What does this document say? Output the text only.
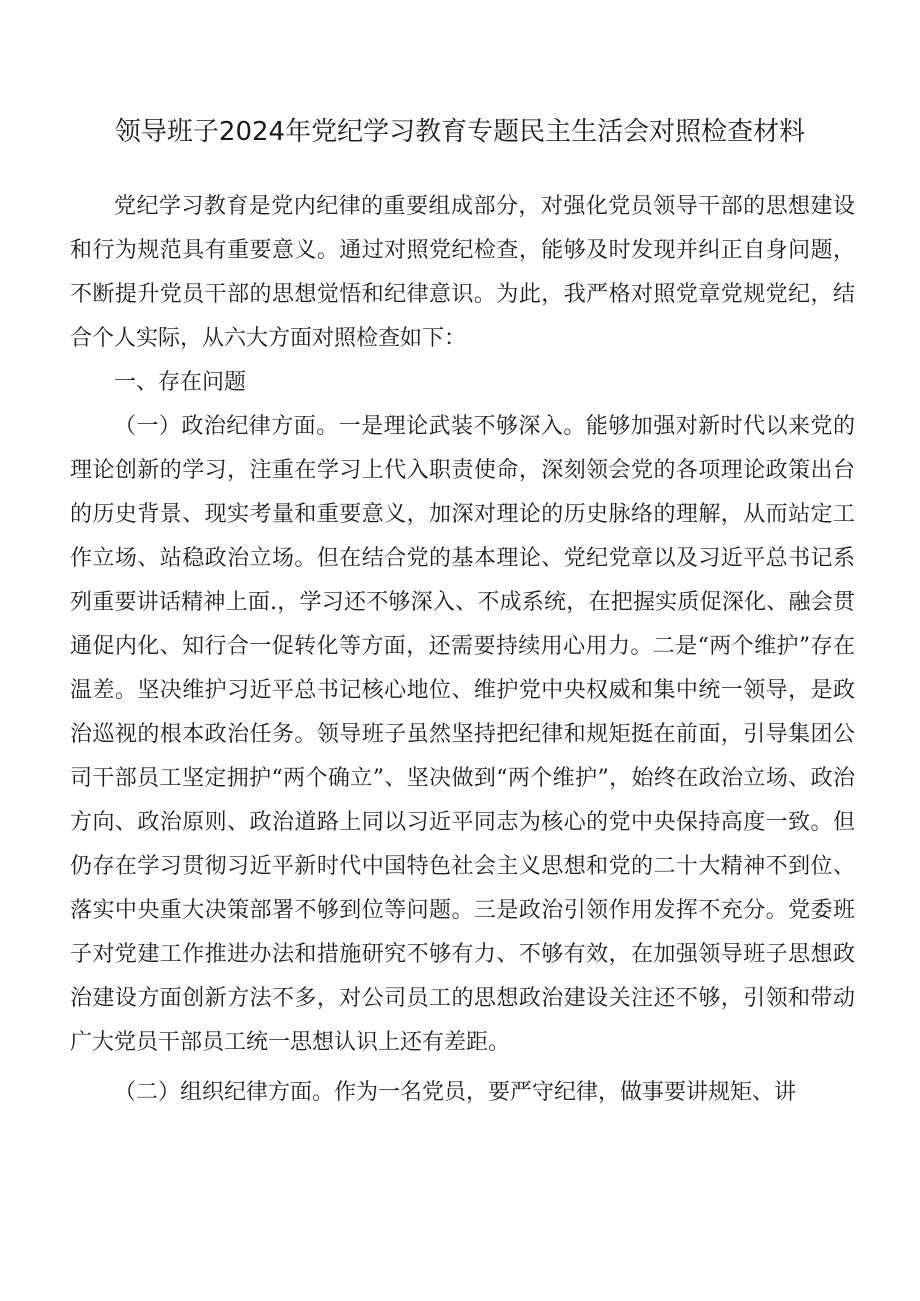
领导班子2024年党纪学习教育专题民主生活会对照检查材料

党纪学习教育是党内纪律的重要组成部分，对强化党员领导干部的思想建设和行为规范具有重要意义。通过对照党纪检查，能够及时发现并纠正自身问题，不断提升党员干部的思想觉悟和纪律意识。为此，我严格对照党章党规党纪，结合个人实际，从六大方面对照检查如下：

一、存在问题

（一）政治纪律方面。一是理论武装不够深入。能够加强对新时代以来党的理论创新的学习，注重在学习上代入职责使命，深刻领会党的各项理论政策出台的历史背景、现实考量和重要意义，加深对理论的历史脉络的理解，从而站定工作立场、站稳政治立场。但在结合党的基本理论、党纪党章以及习近平总书记系列重要讲话精神上面.，学习还不够深入、不成系统，在把握实质促深化、融会贯通促内化、知行合一促转化等方面，还需要持续用心用力。二是“两个维护”存在温差。坚决维护习近平总书记核心地位、维护党中央权威和集中统一领导，是政治巡视的根本政治任务。领导班子虽然坚持把纪律和规矩挺在前面，引导集团公司干部员工坚定拥护“两个确立”、坚决做到“两个维护”，始终在政治立场、政治方向、政治原则、政治道路上同以习近平同志为核心的党中央保持高度一致。但仍存在学习贯彻习近平新时代中国特色社会主义思想和党的二十大精神不到位、落实中央重大决策部署不够到位等问题。三是政治引领作用发挥不充分。党委班子对党建工作推进办法和措施研究不够有力、不够有效，在加强领导班子思想政治建设方面创新方法不多，对公司员工的思想政治建设关注还不够，引领和带动广大党员干部员工统一思想认识上还有差距。

（二）组织纪律方面。作为一名党员，要严守纪律，做事要讲规矩、讲
